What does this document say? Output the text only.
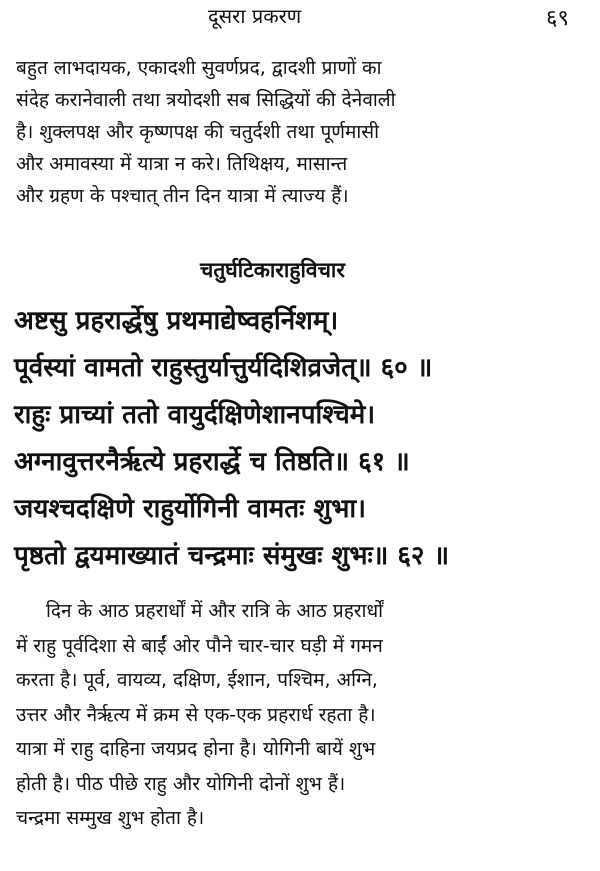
दूसरा प्रकरण	६९

बहुत लाभदायक, एकादशी सुवर्णप्रद, द्वादशी प्राणों का

संदेह करानेवाली तथा त्रयोदशी सब सिद्धियों की देनेवाली

है। शुक्लपक्ष और कृष्णपक्ष की चतुर्दशी तथा पूर्णमासी

और अमावस्या में यात्रा न करे। तिथिक्षय, मासान्त

और ग्रहण के पश्चात् तीन दिन यात्रा में त्याज्य हैं।

चतुर्घटिकाराहुविचार

अष्टसु प्रहरार्द्धेषु प्रथमाद्येष्वहर्निशम्।

पूर्वस्यां वामतो राहुस्तुर्यात्तुर्यदिशिव्रजेत्॥ ६० ॥

राहुः प्राच्यां ततो वायुर्दक्षिणेशानपश्चिमे।

अग्नावुत्तरनैर्ऋत्ये प्रहरार्द्धे च तिष्ठति॥ ६१ ॥

जयश्चदक्षिणे राहुर्योगिनी वामतः शुभा।

पृष्ठतो द्वयमाख्यातं चन्द्रमाः संमुखः शुभः॥ ६२ ॥

दिन के आठ प्रहरार्धों में और रात्रि के आठ प्रहरार्धों

में राहु पूर्वदिशा से बाईं ओर पौने चार-चार घड़ी में गमन

करता है। पूर्व, वायव्य, दक्षिण, ईशान, पश्चिम, अग्नि,

उत्तर और नैर्ऋत्य में क्रम से एक-एक प्रहरार्ध रहता है।

यात्रा में राहु दाहिना जयप्रद होना है। योगिनी बायें शुभ

होती है। पीठ पीछे राहु और योगिनी दोनों शुभ हैं।

चन्द्रमा सम्मुख शुभ होता है।
